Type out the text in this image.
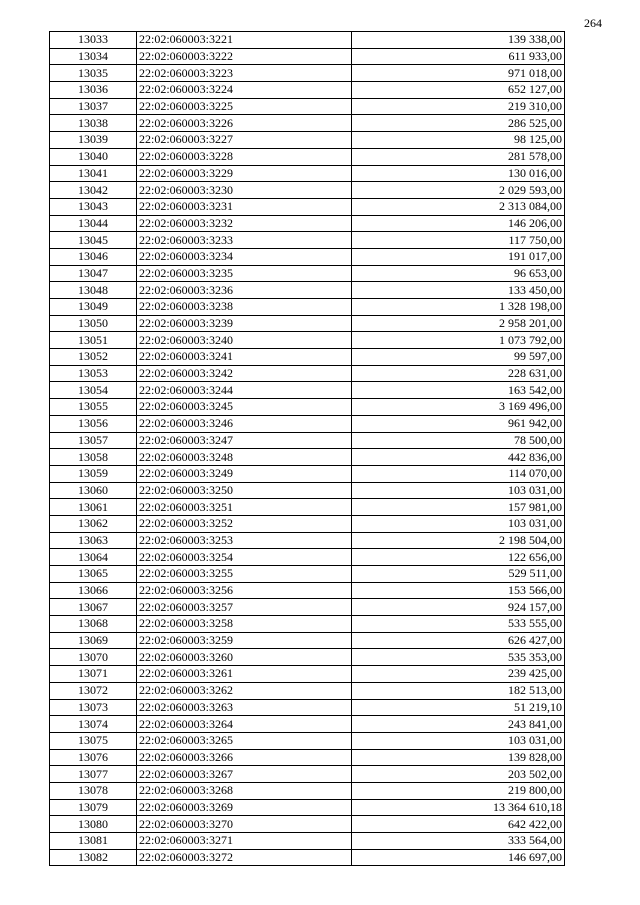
264
13033	22:02:060003:3221	139 338,00
13034	22:02:060003:3222	611 933,00
13035	22:02:060003:3223	971 018,00
13036	22:02:060003:3224	652 127,00
13037	22:02:060003:3225	219 310,00
13038	22:02:060003:3226	286 525,00
13039	22:02:060003:3227	98 125,00
13040	22:02:060003:3228	281 578,00
13041	22:02:060003:3229	130 016,00
13042	22:02:060003:3230	2 029 593,00
13043	22:02:060003:3231	2 313 084,00
13044	22:02:060003:3232	146 206,00
13045	22:02:060003:3233	117 750,00
13046	22:02:060003:3234	191 017,00
13047	22:02:060003:3235	96 653,00
13048	22:02:060003:3236	133 450,00
13049	22:02:060003:3238	1 328 198,00
13050	22:02:060003:3239	2 958 201,00
13051	22:02:060003:3240	1 073 792,00
13052	22:02:060003:3241	99 597,00
13053	22:02:060003:3242	228 631,00
13054	22:02:060003:3244	163 542,00
13055	22:02:060003:3245	3 169 496,00
13056	22:02:060003:3246	961 942,00
13057	22:02:060003:3247	78 500,00
13058	22:02:060003:3248	442 836,00
13059	22:02:060003:3249	114 070,00
13060	22:02:060003:3250	103 031,00
13061	22:02:060003:3251	157 981,00
13062	22:02:060003:3252	103 031,00
13063	22:02:060003:3253	2 198 504,00
13064	22:02:060003:3254	122 656,00
13065	22:02:060003:3255	529 511,00
13066	22:02:060003:3256	153 566,00
13067	22:02:060003:3257	924 157,00
13068	22:02:060003:3258	533 555,00
13069	22:02:060003:3259	626 427,00
13070	22:02:060003:3260	535 353,00
13071	22:02:060003:3261	239 425,00
13072	22:02:060003:3262	182 513,00
13073	22:02:060003:3263	51 219,10
13074	22:02:060003:3264	243 841,00
13075	22:02:060003:3265	103 031,00
13076	22:02:060003:3266	139 828,00
13077	22:02:060003:3267	203 502,00
13078	22:02:060003:3268	219 800,00
13079	22:02:060003:3269	13 364 610,18
13080	22:02:060003:3270	642 422,00
13081	22:02:060003:3271	333 564,00
13082	22:02:060003:3272	146 697,00
